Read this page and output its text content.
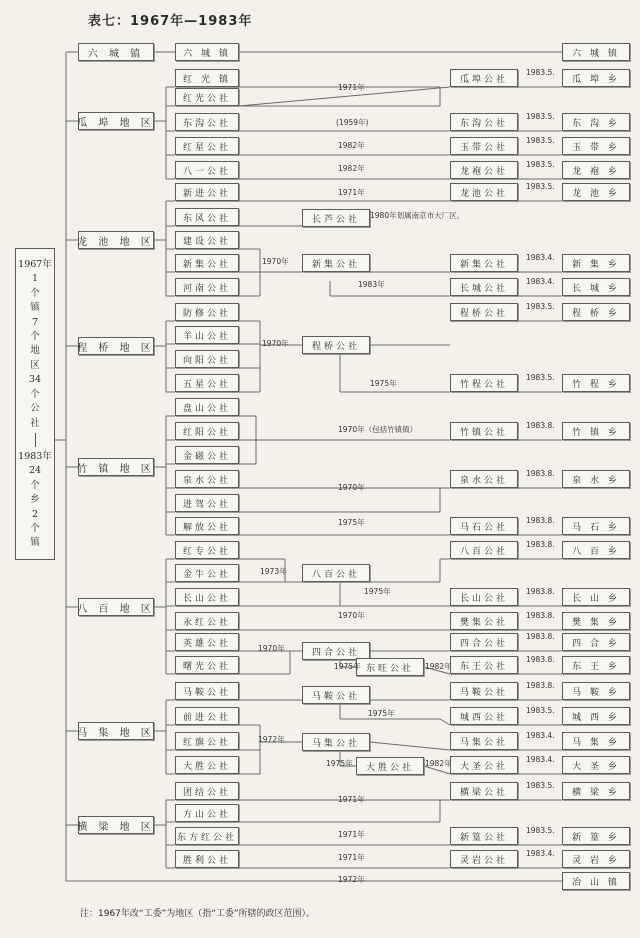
表七：1967年—1983年
1967年
1
个
镇
7
个
地
区
34
个
公
社
1983年
24
个
乡
2
个
镇
六 城 镇
瓜 埠 地 区
龙 池 地 区
程 桥 地 区
竹 镇 地 区
八 百 地 区
马 集 地 区
横 梁 地 区
六 城 镇
红 光 镇
红光公社
东沟公社
红星公社
八一公社
新进公社
东风公社
建设公社
新集公社
河南公社
防修公社
羊山公社
向阳公社
五星公社
盘山公社
红阳公社
金磁公社
泉水公社
进驾公社
解放公社
红专公社
金牛公社
长山公社
永红公社
英雄公社
曙光公社
马鞍公社
前进公社
红旗公社
大胜公社
团结公社
方山公社
东方红公社
胜利公社
瓜埠公社
东沟公社
玉带公社
龙袍公社
龙池公社
新集公社
长城公社
程桥公社
竹程公社
竹镇公社
泉水公社
马石公社
八百公社
长山公社
樊集公社
四合公社
东王公社
马鞍公社
城西公社
马集公社
大圣公社
横梁公社
新篁公社
灵岩公社
六 城 镇
瓜 埠 乡
东 沟 乡
玉 带 乡
龙 袍 乡
龙 池 乡
新 集 乡
长 城 乡
程 桥 乡
竹 程 乡
竹 镇 乡
泉 水 乡
马 石 乡
八 百 乡
长 山 乡
樊 集 乡
四 合 乡
东 王 乡
马 鞍 乡
城 西 乡
马 集 乡
大 圣 乡
横 梁 乡
新 篁 乡
灵 岩 乡
冶 山 镇
长芦公社
新集公社
程桥公社
八百公社
四合公社
东旺公社
马鞍公社
马集公社
大胜公社
1971年
(1959年)
1982年
1982年
1971年
1980年划属南京市大厂区。
1970年
1983年
1970年
1975年
1970年（包括竹镇镇）
1970年
1975年
1973年
1975年
1970年
1970年
1975年	1982年
1975年
1972年
1975年	1982年
1971年
1971年
1971年
1972年
1983.5.
1983.5.
1983.5.
1983.5.
1983.5.
1983.4.
1983.4.
1983.5.
1983.5.
1983.8.
1983.8.
1983.8.
1983.8.
1983.8.
1983.8.
1983.8.
1983.8.
1983.8.
1983.5.
1983.4.
1983.4.
1983.5.
1983.5.
1983.4.
注：1967年改“工委”为地区（指“工委”所辖的政区范围）。
